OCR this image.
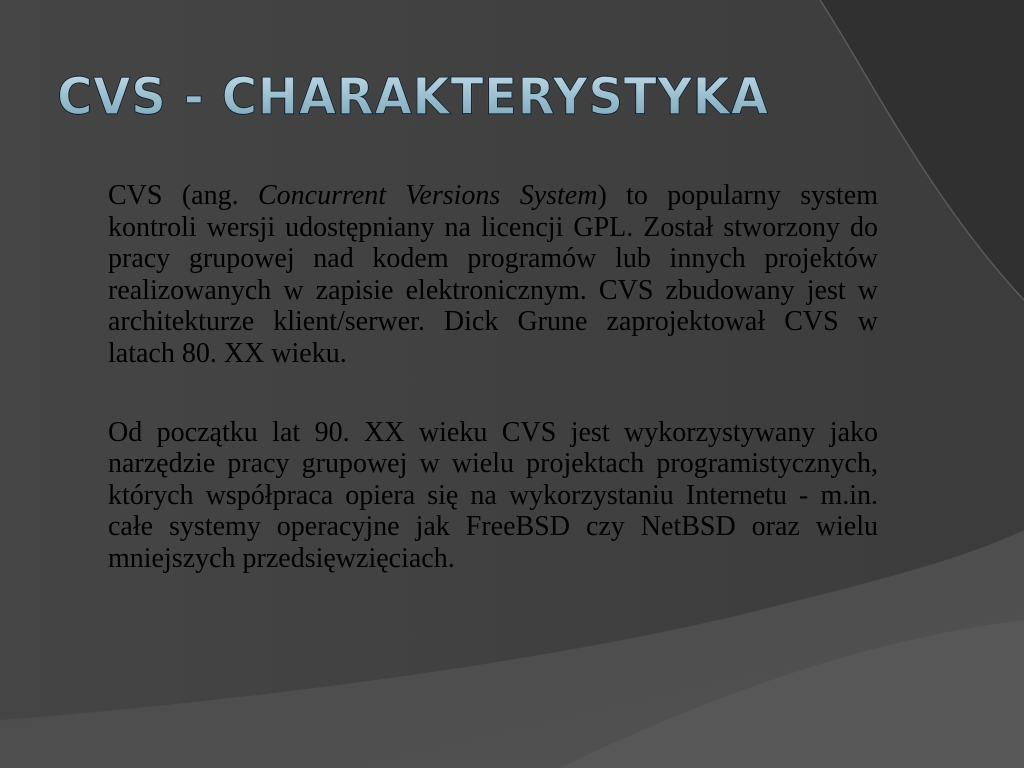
CVS - CHARAKTERYSTYKA

CVS (ang. Concurrent Versions System) to popularny system kontroli wersji udostępniany na licencji GPL. Został stworzony do pracy grupowej nad kodem programów lub innych projektów realizowanych w zapisie elektronicznym. CVS zbudowany jest w architekturze klient/serwer. Dick Grune zaprojektował CVS w latach 80. XX wieku.

Od początku lat 90. XX wieku CVS jest wykorzystywany jako narzędzie pracy grupowej w wielu projektach programistycznych, których współpraca opiera się na wykorzystaniu Internetu - m.in. całe systemy operacyjne jak FreeBSD czy NetBSD oraz wielu mniejszych przedsięwzięciach.
